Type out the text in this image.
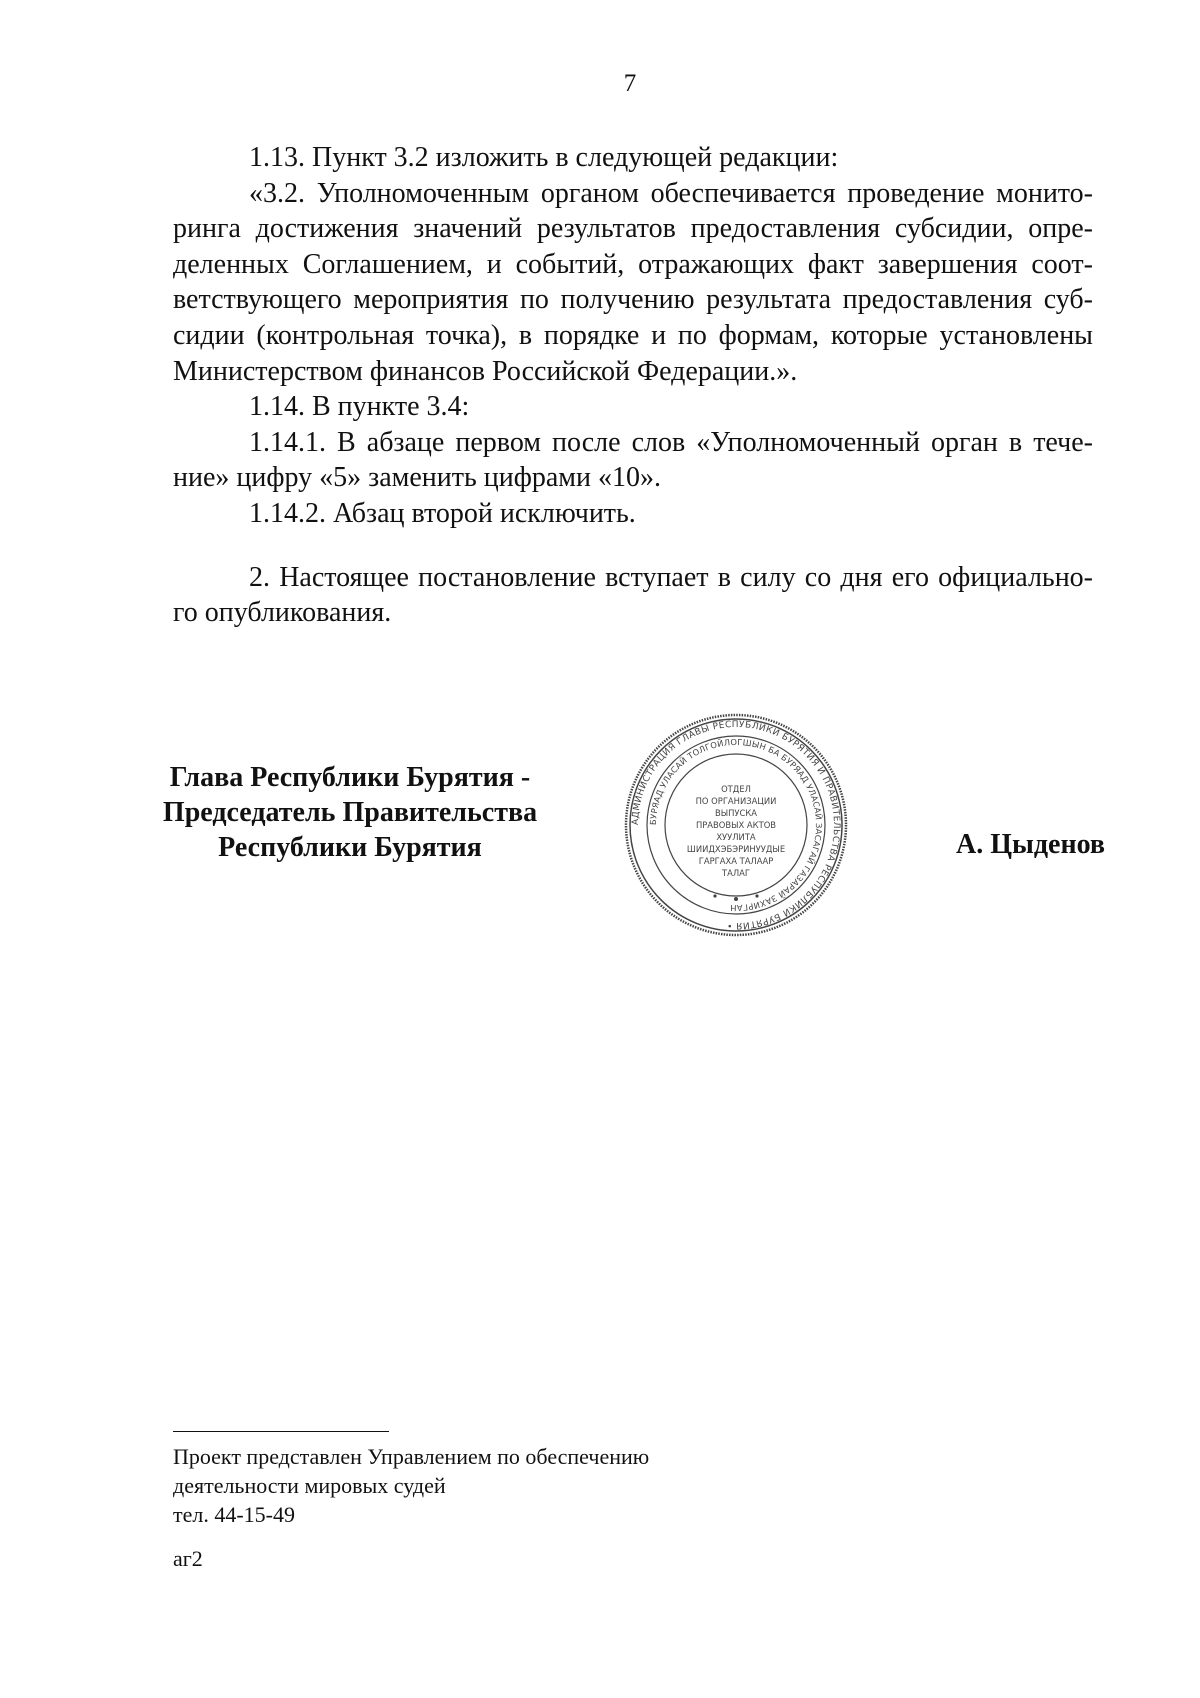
7

1.13. Пункт 3.2 изложить в следующей редакции:

«3.2. Уполномоченным органом обеспечивается проведение монито-ринга достижения значений результатов предоставления субсидии, опре-деленных Соглашением, и событий, отражающих факт завершения соот-ветствующего мероприятия по получению результата предоставления суб-сидии (контрольная точка), в порядке и по формам, которые установлены Министерством финансов Российской Федерации.».

1.14. В пункте 3.4:

1.14.1. В абзаце первом после слов «Уполномоченный орган в тече-ние» цифру «5» заменить цифрами «10».

1.14.2. Абзац второй исключить.

2. Настоящее постановление вступает в силу со дня его официально-го опубликования.

Глава Республики Бурятия -
Председатель Правительства
Республики Бурятия
АДМИНИСТРАЦИЯ ГЛАВЫ РЕСПУБЛИКИ БУРЯТИЯ И ПРАВИТЕЛЬСТВА РЕСПУБЛИКИ БУРЯТИЯ •
БУРЯАД УЛАСАЙ ТОЛГОЙЛОГШЫН БА БУРЯАД УЛАСАЙ ЗАСАГАЙ ГАЗАРАЙ ЗАХИРГАН
ОТДЕЛ
ПО ОРГАНИЗАЦИИ
ВЫПУСКА
ПРАВОВЫХ АКТОВ
ХУУЛИТА
ШИИДХЭБЭРИНУУДЫЕ
ГАРГАХА ТАЛААР
ТАЛАГ
А. Цыденов
Проект представлен Управлением по обеспечению
деятельности мировых судей
тел. 44-15-49
аг2
